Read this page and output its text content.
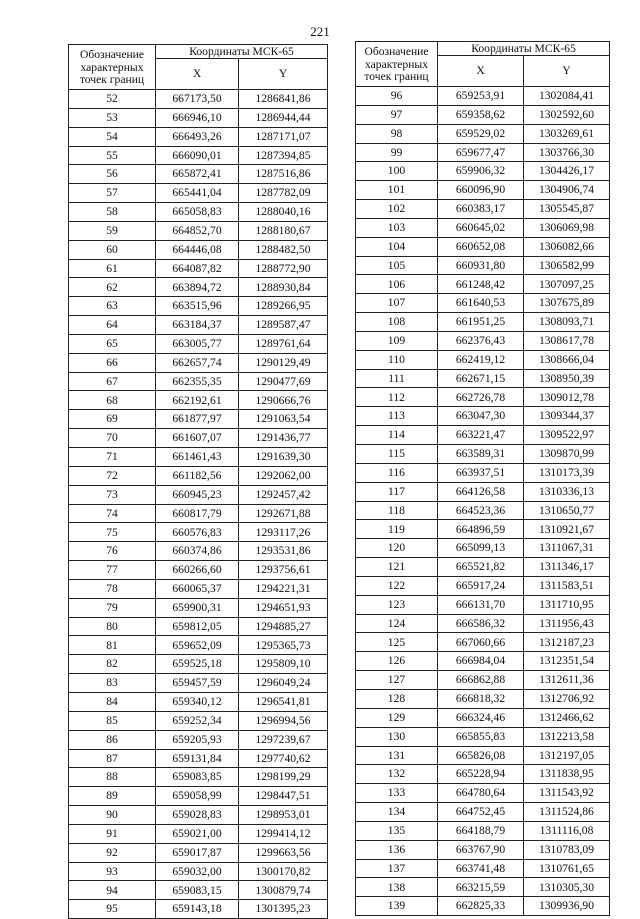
221
Обозначение характерных точек границ	Координаты МСК-65	
	X	Y
52	667173,50	1286841,86
53	666946,10	1286944,44
54	666493,26	1287171,07
55	666090,01	1287394,85
56	665872,41	1287516,86
57	665441,04	1287782,09
58	665058,83	1288040,16
59	664852,70	1288180,67
60	664446,08	1288482,50
61	664087,82	1288772,90
62	663894,72	1288930,84
63	663515,96	1289266,95
64	663184,37	1289587,47
65	663005,77	1289761,64
66	662657,74	1290129,49
67	662355,35	1290477,69
68	662192,61	1290666,76
69	661877,97	1291063,54
70	661607,07	1291436,77
71	661461,43	1291639,30
72	661182,56	1292062,00
73	660945,23	1292457,42
74	660817,79	1292671,88
75	660576,83	1293117,26
76	660374,86	1293531,86
77	660266,60	1293756,61
78	660065,37	1294221,31
79	659900,31	1294651,93
80	659812,05	1294885,27
81	659652,09	1295365,73
82	659525,18	1295809,10
83	659457,59	1296049,24
84	659340,12	1296541,81
85	659252,34	1296994,56
86	659205,93	1297239,67
87	659131,84	1297740,62
88	659083,85	1298199,29
89	659058,99	1298447,51
90	659028,83	1298953,01
91	659021,00	1299414,12
92	659017,87	1299663,56
93	659032,00	1300170,82
94	659083,15	1300879,74
95	659143,18	1301395,23
Обозначение характерных точек границ	Координаты МСК-65	
	X	Y
96	659253,91	1302084,41
97	659358,62	1302592,60
98	659529,02	1303269,61
99	659677,47	1303766,30
100	659906,32	1304426,17
101	660096,90	1304906,74
102	660383,17	1305545,87
103	660645,02	1306069,98
104	660652,08	1306082,66
105	660931,80	1306582,99
106	661248,42	1307097,25
107	661640,53	1307675,89
108	661951,25	1308093,71
109	662376,43	1308617,78
110	662419,12	1308666,04
111	662671,15	1308950,39
112	662726,78	1309012,78
113	663047,30	1309344,37
114	663221,47	1309522,97
115	663589,31	1309870,99
116	663937,51	1310173,39
117	664126,58	1310336,13
118	664523,36	1310650,77
119	664896,59	1310921,67
120	665099,13	1311067,31
121	665521,82	1311346,17
122	665917,24	1311583,51
123	666131,70	1311710,95
124	666586,32	1311956,43
125	667060,66	1312187,23
126	666984,04	1312351,54
127	666862,88	1312611,36
128	666818,32	1312706,92
129	666324,46	1312466,62
130	665855,83	1312213,58
131	665826,08	1312197,05
132	665228,94	1311838,95
133	664780,64	1311543,92
134	664752,45	1311524,86
135	664188,79	1311116,08
136	663767,90	1310783,09
137	663741,48	1310761,65
138	663215,59	1310305,30
139	662825,33	1309936,90
